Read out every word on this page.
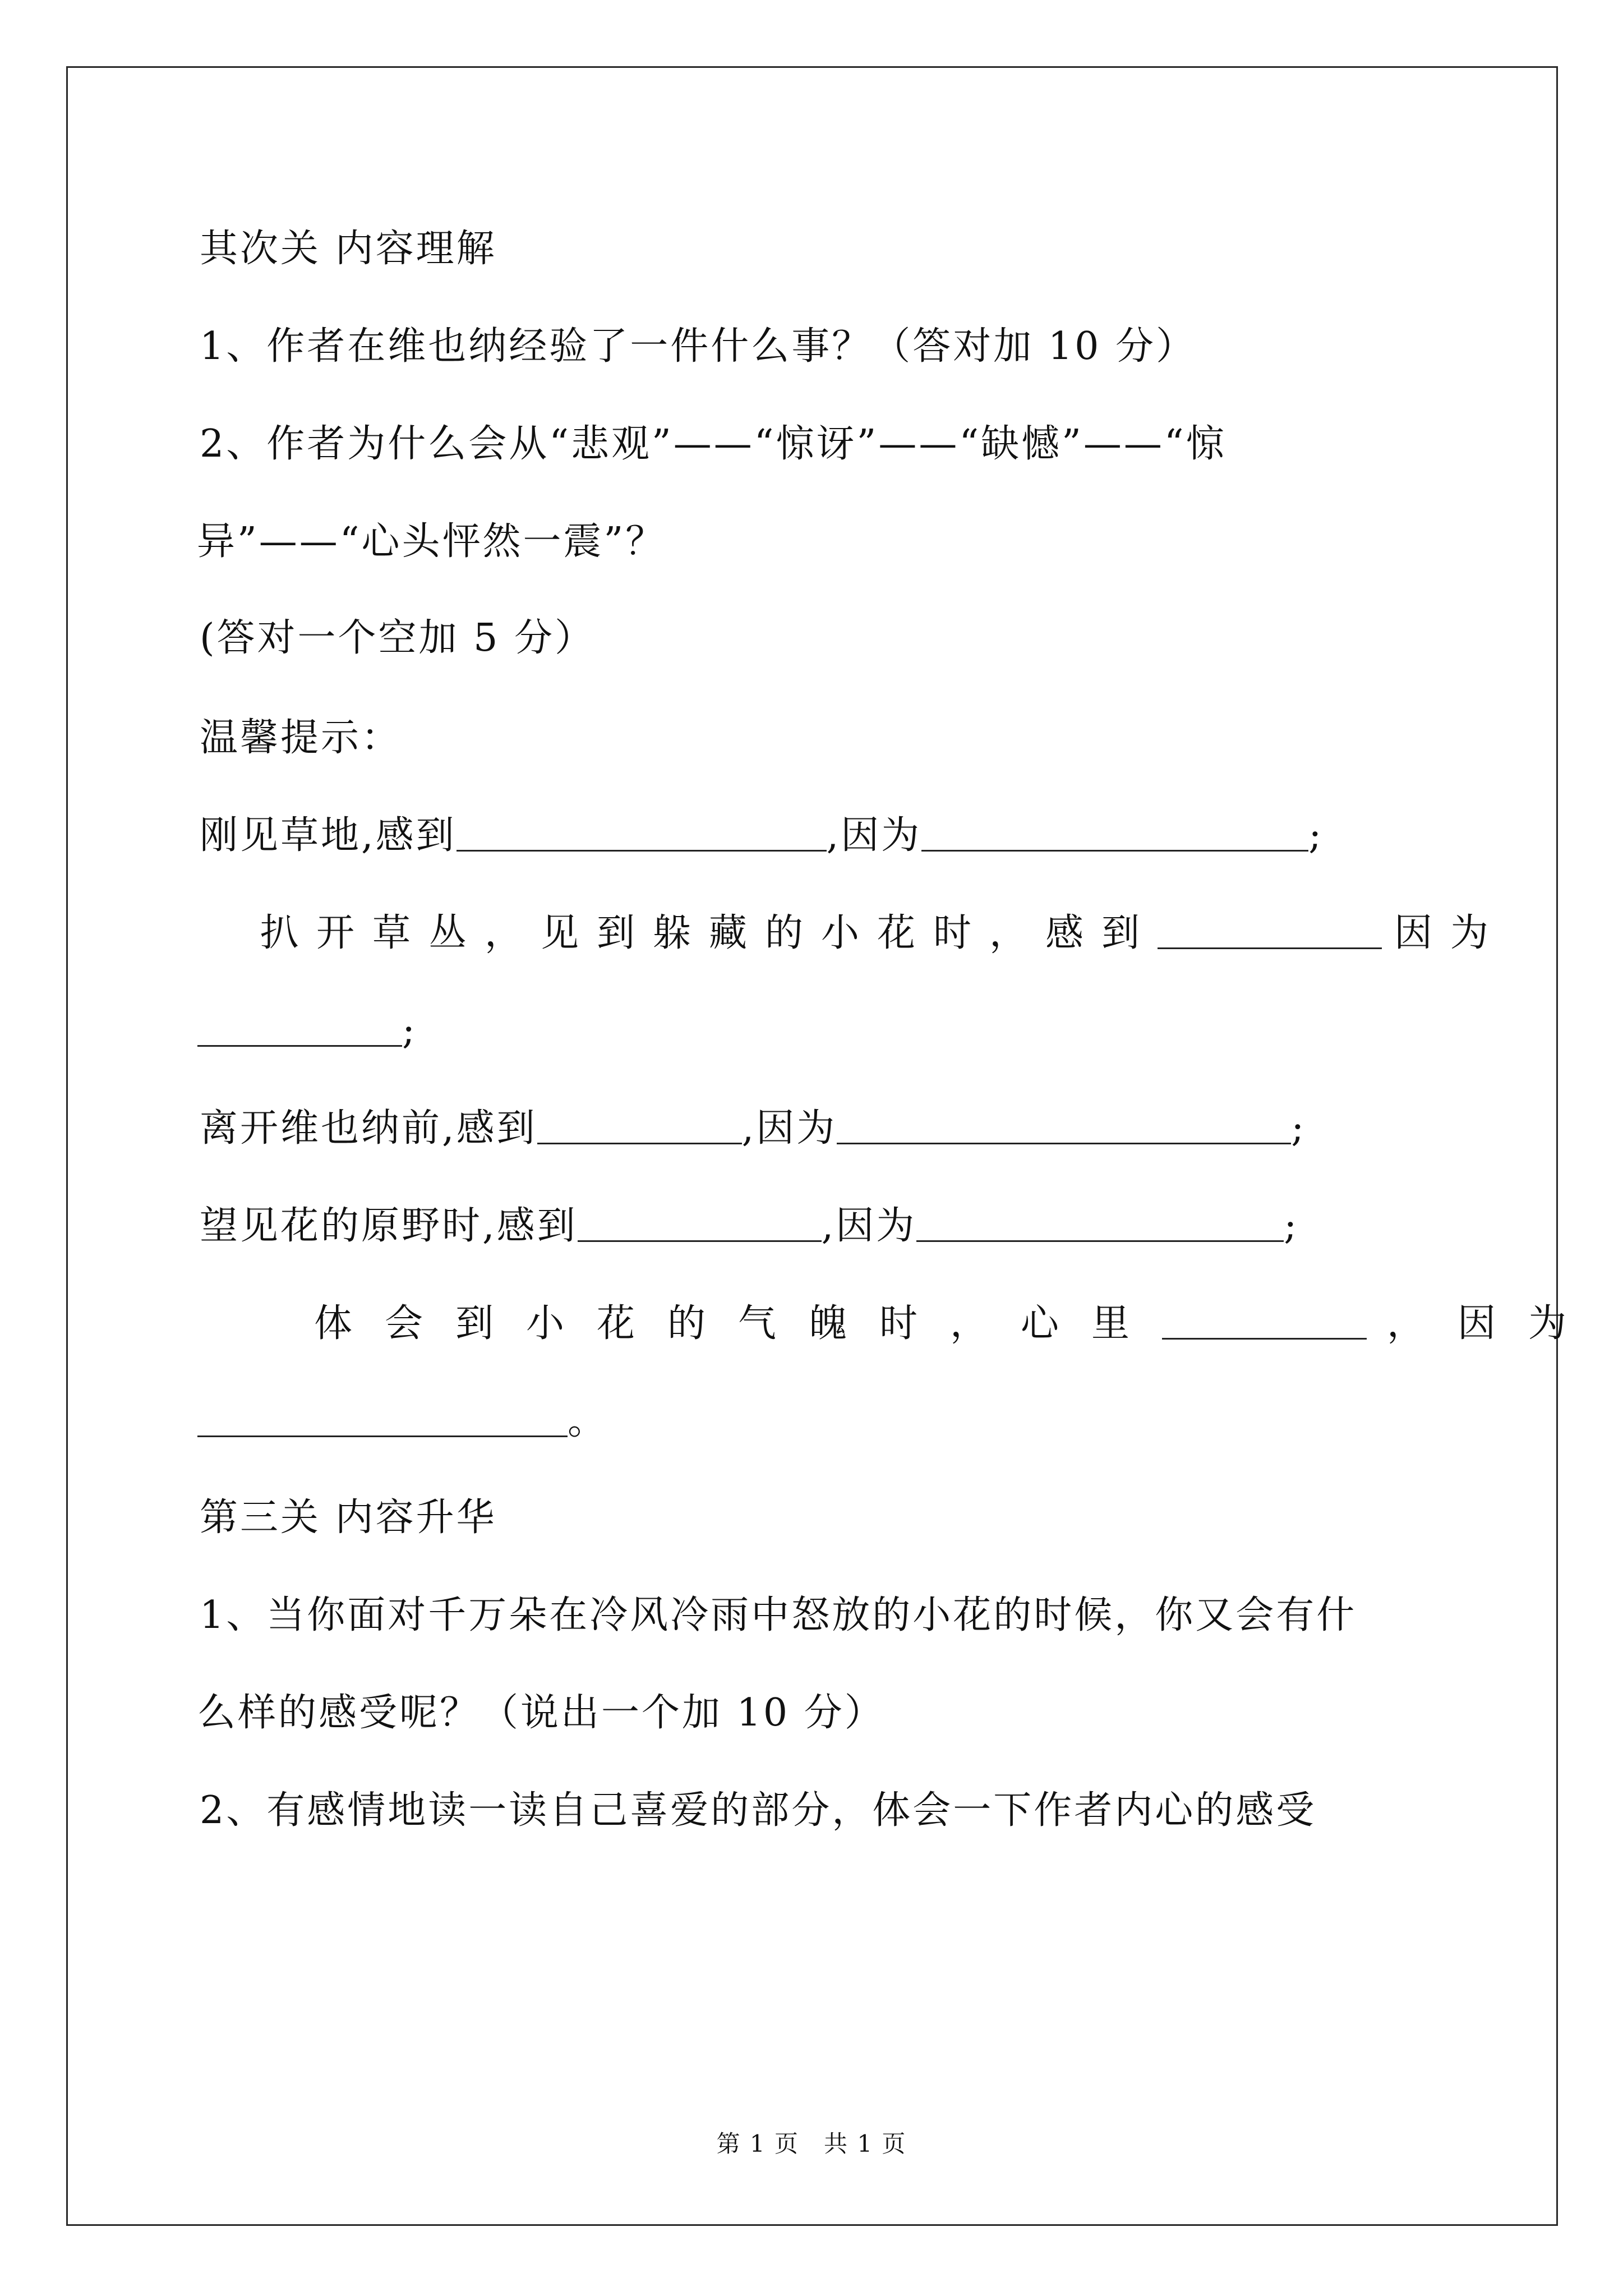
其次关 内容理解
1、作者在维也纳经验了一件什么事？（答对加 10 分）
2、作者为什么会从“悲观”——“惊讶”——“缺憾”——“惊
异”——“心头怦然一震”？
(答对一个空加 5 分）
温馨提示：
刚见草地,感到	,因为	;
扒开草丛，见到躲藏的小花时，感到	因为
;
离开维也纳前,感到	,因为	;
望见花的原野时,感到	,因为	;
体会到小花的气魄时，心里	，因为
。
第三关 内容升华
1、当你面对千万朵在冷风冷雨中怒放的小花的时候，你又会有什
么样的感受呢？（说出一个加 10 分）
2、有感情地读一读自己喜爱的部分，体会一下作者内心的感受
第 1 页　共 1 页
